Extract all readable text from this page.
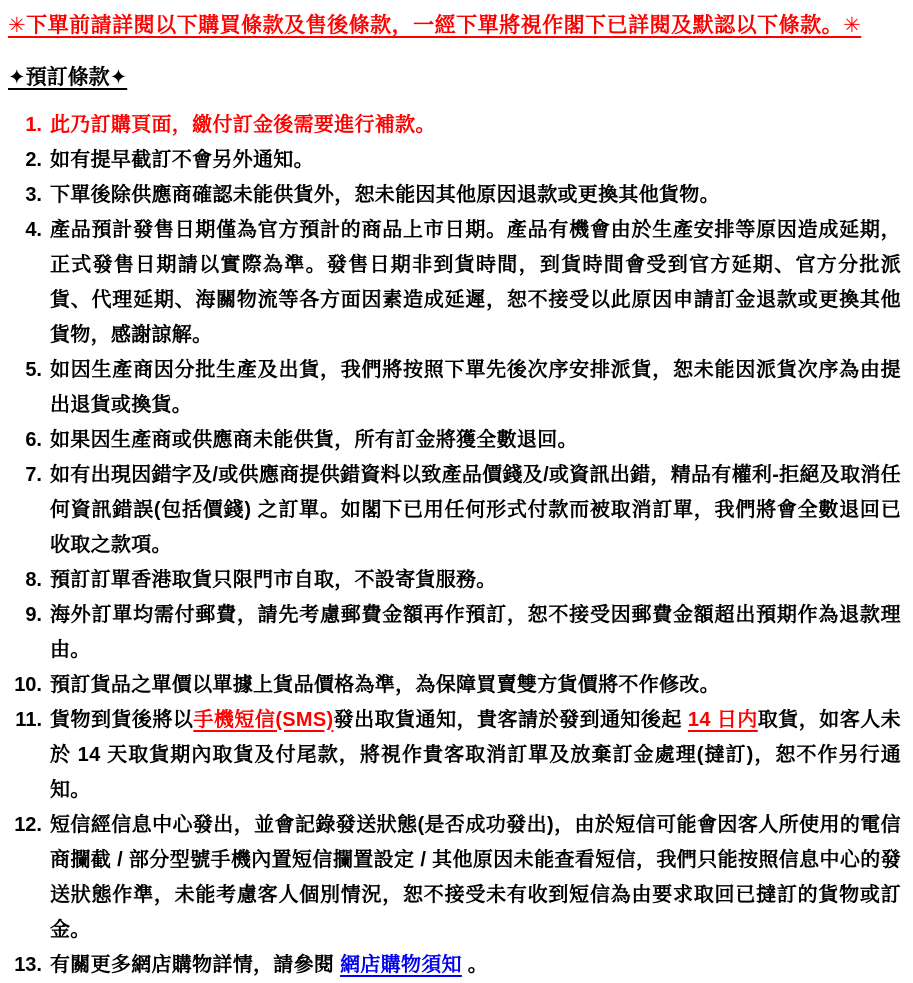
✳下單前請詳閱以下購買條款及售後條款，一經下單將視作閣下已詳閱及默認以下條款。✳
✦預訂條款✦
1. 此乃訂購頁面，繳付訂金後需要進行補款。
2. 如有提早截訂不會另外通知。
3. 下單後除供應商確認未能供貨外，恕未能因其他原因退款或更換其他貨物。
4. 產品預計發售日期僅為官方預計的商品上市日期。產品有機會由於生產安排等原因造成延期，正式發售日期請以實際為準。發售日期非到貨時間，到貨時間會受到官方延期、官方分批派貨、代理延期、海關物流等各方面因素造成延遲，恕不接受以此原因申請訂金退款或更換其他貨物，感謝諒解。
5. 如因生產商因分批生產及出貨，我們將按照下單先後次序安排派貨，恕未能因派貨次序為由提出退貨或換貨。
6. 如果因生產商或供應商未能供貨，所有訂金將獲全數退回。
7. 如有出現因錯字及/或供應商提供錯資料以致產品價錢及/或資訊出錯，精品有權利-拒絕及取消任何資訊錯誤(包括價錢) 之訂單。如閣下已用任何形式付款而被取消訂單，我們將會全數退回已收取之款項。
8. 預訂訂單香港取貨只限門市自取，不設寄貨服務。
9. 海外訂單均需付郵費，請先考慮郵費金額再作預訂，恕不接受因郵費金額超出預期作為退款理由。
10. 預訂貨品之單價以單據上貨品價格為準，為保障買賣雙方貨價將不作修改。
11. 貨物到貨後將以手機短信(SMS)發出取貨通知，貴客請於發到通知後起 14 日内取貨，如客人未於 14 天取貨期內取貨及付尾款，將視作貴客取消訂單及放棄訂金處理(撻訂)，恕不作另行通知。
12. 短信經信息中心發出，並會記錄發送狀態(是否成功發出)，由於短信可能會因客人所使用的電信商攔截 / 部分型號手機內置短信攔置設定 / 其他原因未能查看短信，我們只能按照信息中心的發送狀態作準，未能考慮客人個別情況，恕不接受未有收到短信為由要求取回已撻訂的貨物或訂金。
13. 有關更多網店購物詳情，請參閱 網店購物須知 。
